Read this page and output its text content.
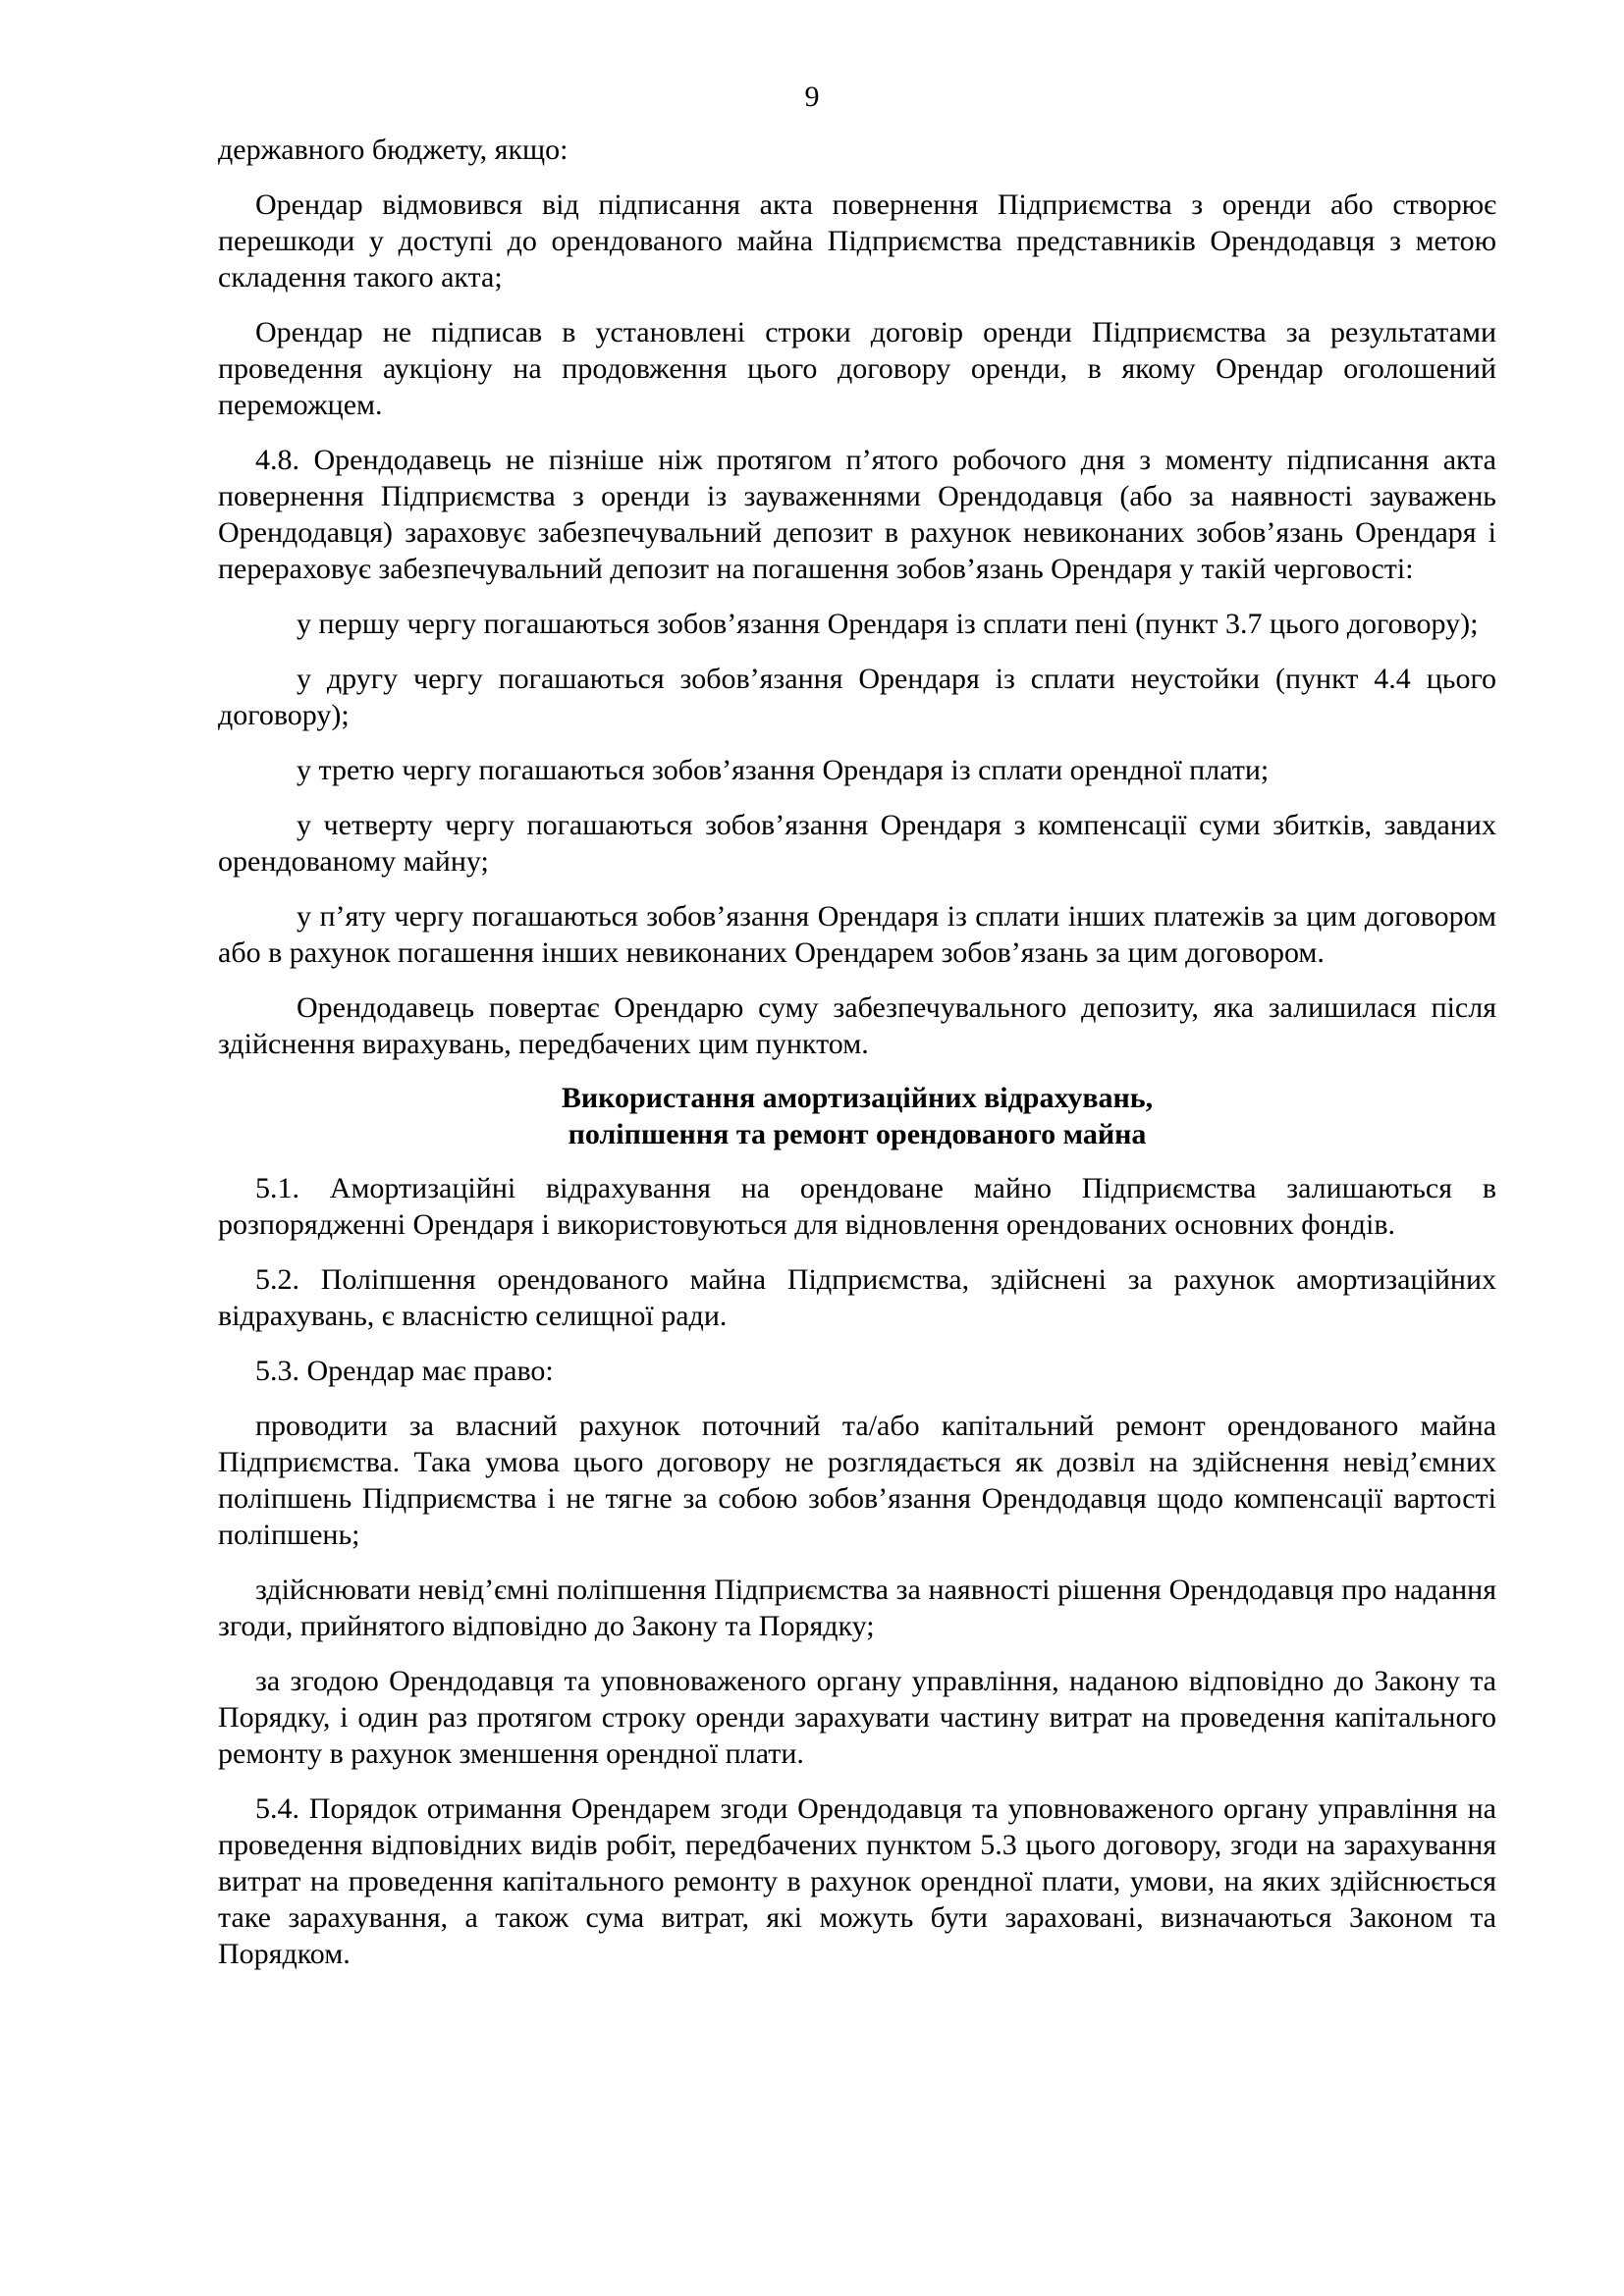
9

державного бюджету, якщо:

Орендар відмовився від підписання акта повернення Підприємства з оренди або створює перешкоди у доступі до орендованого майна Підприємства представників Орендодавця з метою складення такого акта;

Орендар не підписав в установлені строки договір оренди Підприємства за результатами проведення аукціону на продовження цього договору оренди, в якому Орендар оголошений переможцем.

4.8. Орендодавець не пізніше ніж протягом п’ятого робочого дня з моменту підписання акта повернення Підприємства з оренди із зауваженнями Орендодавця (або за наявності зауважень Орендодавця) зараховує забезпечувальний депозит в рахунок невиконаних зобов’язань Орендаря і перераховує забезпечувальний депозит на погашення зобов’язань Орендаря у такій черговості:

у першу чергу погашаються зобов’язання Орендаря із сплати пені (пункт 3.7 цього договору);

у другу чергу погашаються зобов’язання Орендаря із сплати неустойки (пункт 4.4 цього договору);

у третю чергу погашаються зобов’язання Орендаря із сплати орендної плати;

у четверту чергу погашаються зобов’язання Орендаря з компенсації суми збитків, завданих орендованому майну;

у п’яту чергу погашаються зобов’язання Орендаря із сплати інших платежів за цим договором або в рахунок погашення інших невиконаних Орендарем зобов’язань за цим договором.

Орендодавець повертає Орендарю суму забезпечувального депозиту, яка залишилася після здійснення вирахувань, передбачених цим пунктом.

Використання амортизаційних відрахувань,
поліпшення та ремонт орендованого майна

5.1. Амортизаційні відрахування на орендоване майно Підприємства залишаються в розпорядженні Орендаря і використовуються для відновлення орендованих основних фондів.

5.2. Поліпшення орендованого майна Підприємства, здійснені за рахунок амортизаційних відрахувань, є власністю селищної ради.

5.3. Орендар має право:

проводити за власний рахунок поточний та/або капітальний ремонт орендованого майна Підприємства. Така умова цього договору не розглядається як дозвіл на здійснення невід’ємних поліпшень Підприємства і не тягне за собою зобов’язання Орендодавця щодо компенсації вартості поліпшень;

здійснювати невід’ємні поліпшення Підприємства за наявності рішення Орендодавця про надання згоди, прийнятого відповідно до Закону та Порядку;

за згодою Орендодавця та уповноваженого органу управління, наданою відповідно до Закону та Порядку, і один раз протягом строку оренди зарахувати частину витрат на проведення капітального ремонту в рахунок зменшення орендної плати.

5.4. Порядок отримання Орендарем згоди Орендодавця та уповноваженого органу управління на проведення відповідних видів робіт, передбачених пунктом 5.3 цього договору, згоди на зарахування витрат на проведення капітального ремонту в рахунок орендної плати, умови, на яких здійснюється таке зарахування, а також сума витрат, які можуть бути зараховані, визначаються Законом та Порядком.
